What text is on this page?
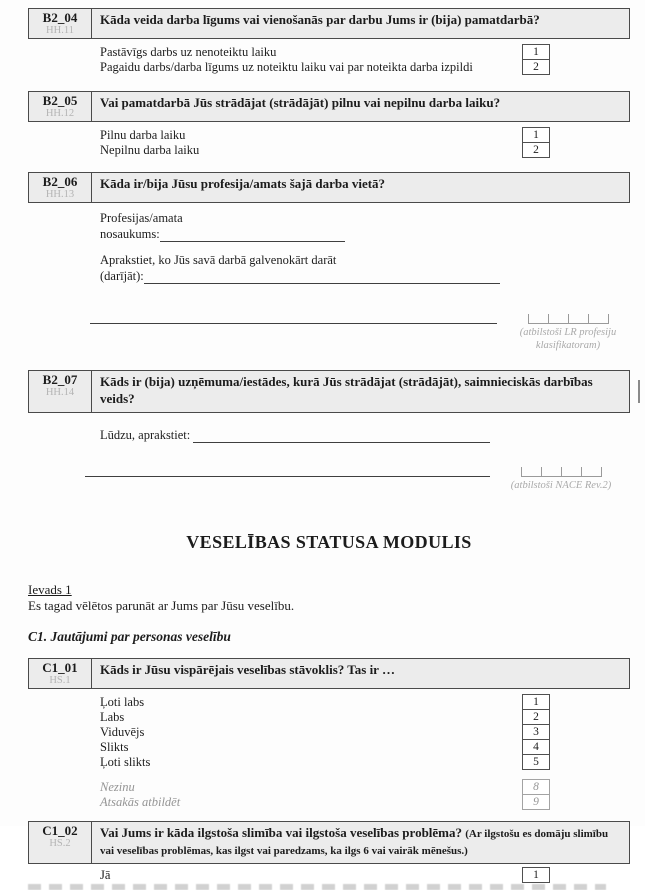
B2_04
HH.11
Kāda veida darba līgums vai vienošanās par darbu Jums ir (bija) pamatdarbā?
Pastāvīgs darbs uz nenoteiktu laiku	1
Pagaidu darbs/darba līgums uz noteiktu laiku vai par noteikta darba izpildi	2
B2_05
HH.12
Vai pamatdarbā Jūs strādājat (strādājāt) pilnu vai nepilnu darba laiku?
Pilnu darba laiku	1
Nepilnu darba laiku	2
B2_06
HH.13
Kāda ir/bija Jūsu profesija/amats šajā darba vietā?
Profesijas/amata
nosaukums:
Aprakstiet, ko Jūs savā darbā galvenokārt darāt
(darījāt):
(atbilstoši LR profesiju
klasifikatoram)
B2_07
HH.14
Kāds ir (bija) uzņēmuma/iestādes, kurā Jūs strādājat (strādājāt), saimnieciskās darbības veids?
Lūdzu, aprakstiet:
(atbilstoši NACE Rev.2)
VESELĪBAS STATUSA MODULIS
Ievads 1
Es tagad vēlētos parunāt ar Jums par Jūsu veselību.
C1. Jautājumi par personas veselību
C1_01
HS.1
Kāds ir Jūsu vispārējais veselības stāvoklis? Tas ir …
Ļoti labs	1
Labs	2
Viduvējs	3
Slikts	4
Ļoti slikts	5
Nezinu	8
Atsakās atbildēt	9
C1_02
HS.2
Vai Jums ir kāda ilgstoša slimība vai ilgstoša veselības problēma? (Ar ilgstošu es domāju slimību vai veselības problēmas, kas ilgst vai paredzams, ka ilgs 6 vai vairāk mēnešus.)
Jā	1
